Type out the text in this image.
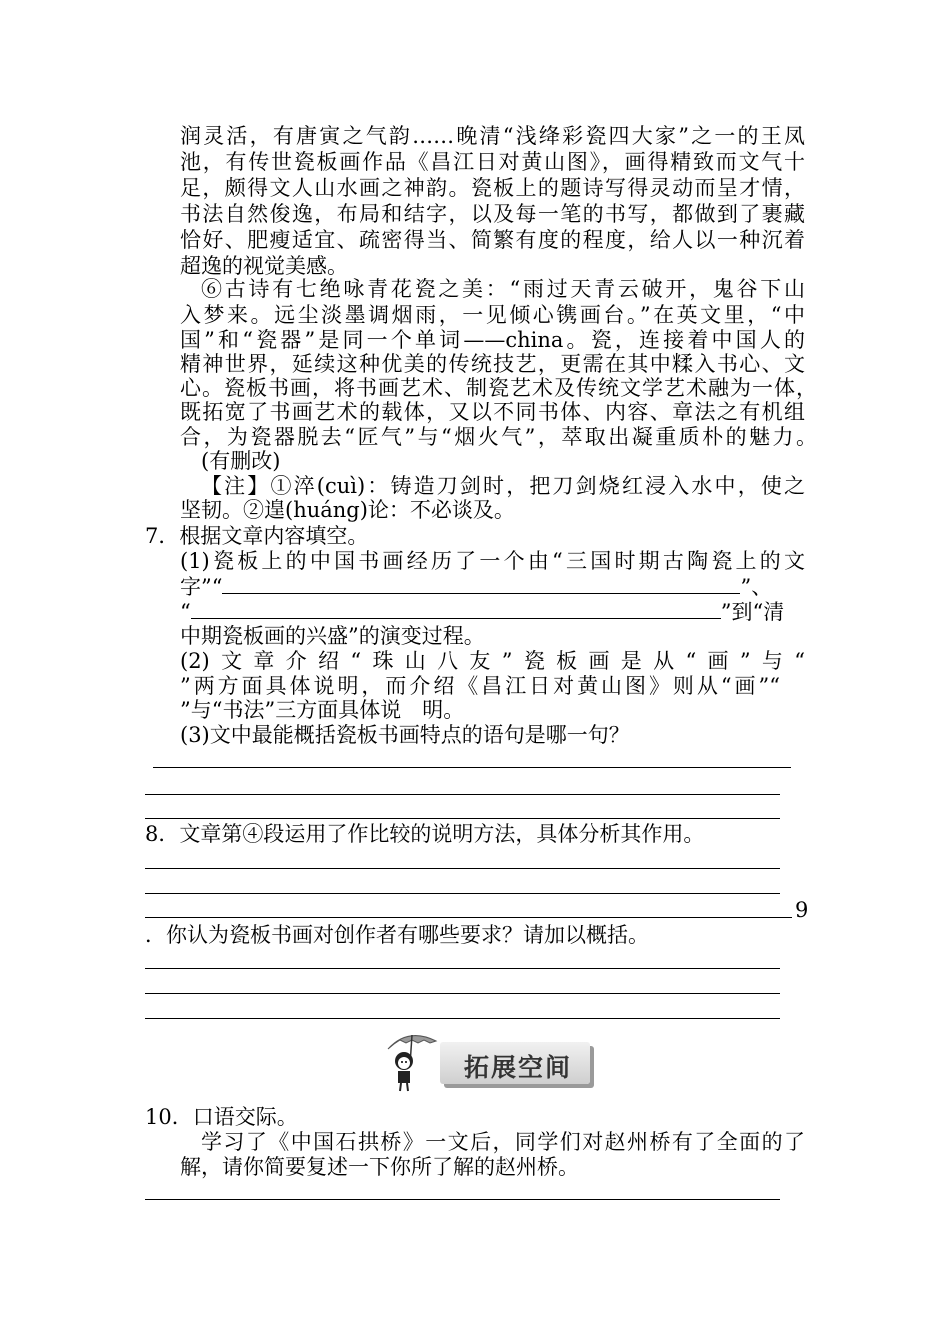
润灵活，有唐寅之气韵……晚清“浅绛彩瓷四大家”之一的王凤
池，有传世瓷板画作品《昌江日对黄山图》，画得精致而文气十
足，颇得文人山水画之神韵。瓷板上的题诗写得灵动而呈才情，
书法自然俊逸，布局和结字，以及每一笔的书写，都做到了裹藏
恰好、肥瘦适宜、疏密得当、简繁有度的程度，给人以一种沉着
超逸的视觉美感。
⑥古诗有七绝咏青花瓷之美：“雨过天青云破开，鬼谷下山
入梦来。远尘淡墨调烟雨，一见倾心镌画台。”在英文里，“中
国”和“瓷器”是同一个单词——china。瓷，连接着中国人的
精神世界，延续这种优美的传统技艺，更需在其中糅入书心、文
心。瓷板书画，将书画艺术、制瓷艺术及传统文学艺术融为一体，
既拓宽了书画艺术的载体，又以不同书体、内容、章法之有机组
合，为瓷器脱去“匠气”与“烟火气”，萃取出凝重质朴的魅力。
(有删改)
【注】①淬(cuì)：铸造刀剑时，把刀剑烧红浸入水中，使之
坚韧。②遑(huáng)论：不必谈及。
7．根据文章内容填空。
(1)瓷板上的中国书画经历了一个由“三国时期古陶瓷上的文
字”“	”、
“	”到“清
中期瓷板画的兴盛”的演变过程。
(2)文章介绍“珠山八友”瓷板画是从“画”与“
”两方面具体说明，而介绍《昌江日对黄山图》则从“画”“
”与“书法”三方面具体说　明。
(3)文中最能概括瓷板书画特点的语句是哪一句？
8．文章第④段运用了作比较的说明方法，具体分析其作用。
9
．你认为瓷板书画对创作者有哪些要求？请加以概括。
拓展空间
10．口语交际。
学习了《中国石拱桥》一文后，同学们对赵州桥有了全面的了
解，请你简要复述一下你所了解的赵州桥。
